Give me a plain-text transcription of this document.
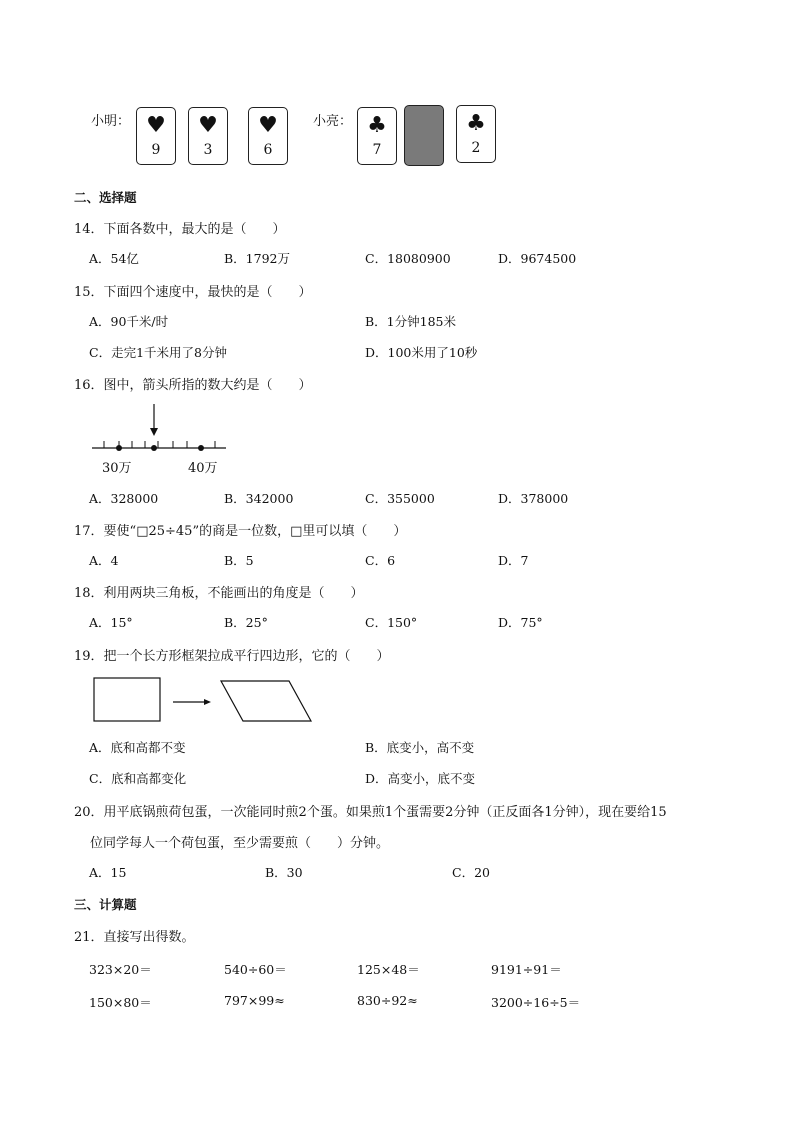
小明： ♥
9
♥
3
♥
6
小亮： ♣
7
♣
2
二、选择题
14．下面各数中，最大的是（　　）
A．54亿	B．1792万	C．18080900	D．9674500
15．下面四个速度中，最快的是（　　）
A．90千米/时	B．1分钟185米
C．走完1千米用了8分钟	D．100米用了10秒
16．图中，箭头所指的数大约是（　　）
30万	40万
A．328000	B．342000	C．355000	D．378000
17．要使“□25÷45”的商是一位数，□里可以填（　　）
A．4	B．5	C．6	D．7
18．利用两块三角板，不能画出的角度是（　　）
A．15°	B．25°	C．150°	D．75°
19．把一个长方形框架拉成平行四边形，它的（　　）
A．底和高都不变	B．底变小，高不变
C．底和高都变化	D．高变小，底不变
20．用平底锅煎荷包蛋，一次能同时煎2个蛋。如果煎1个蛋需要2分钟（正反面各1分钟），现在要给15
位同学每人一个荷包蛋，至少需要煎（　　）分钟。
A．15	B．30	C．20
三、计算题
21．直接写出得数。
323×20＝	540÷60＝	125×48＝	9191÷91＝
150×80＝	797×99≈	830÷92≈	3200÷16÷5＝
